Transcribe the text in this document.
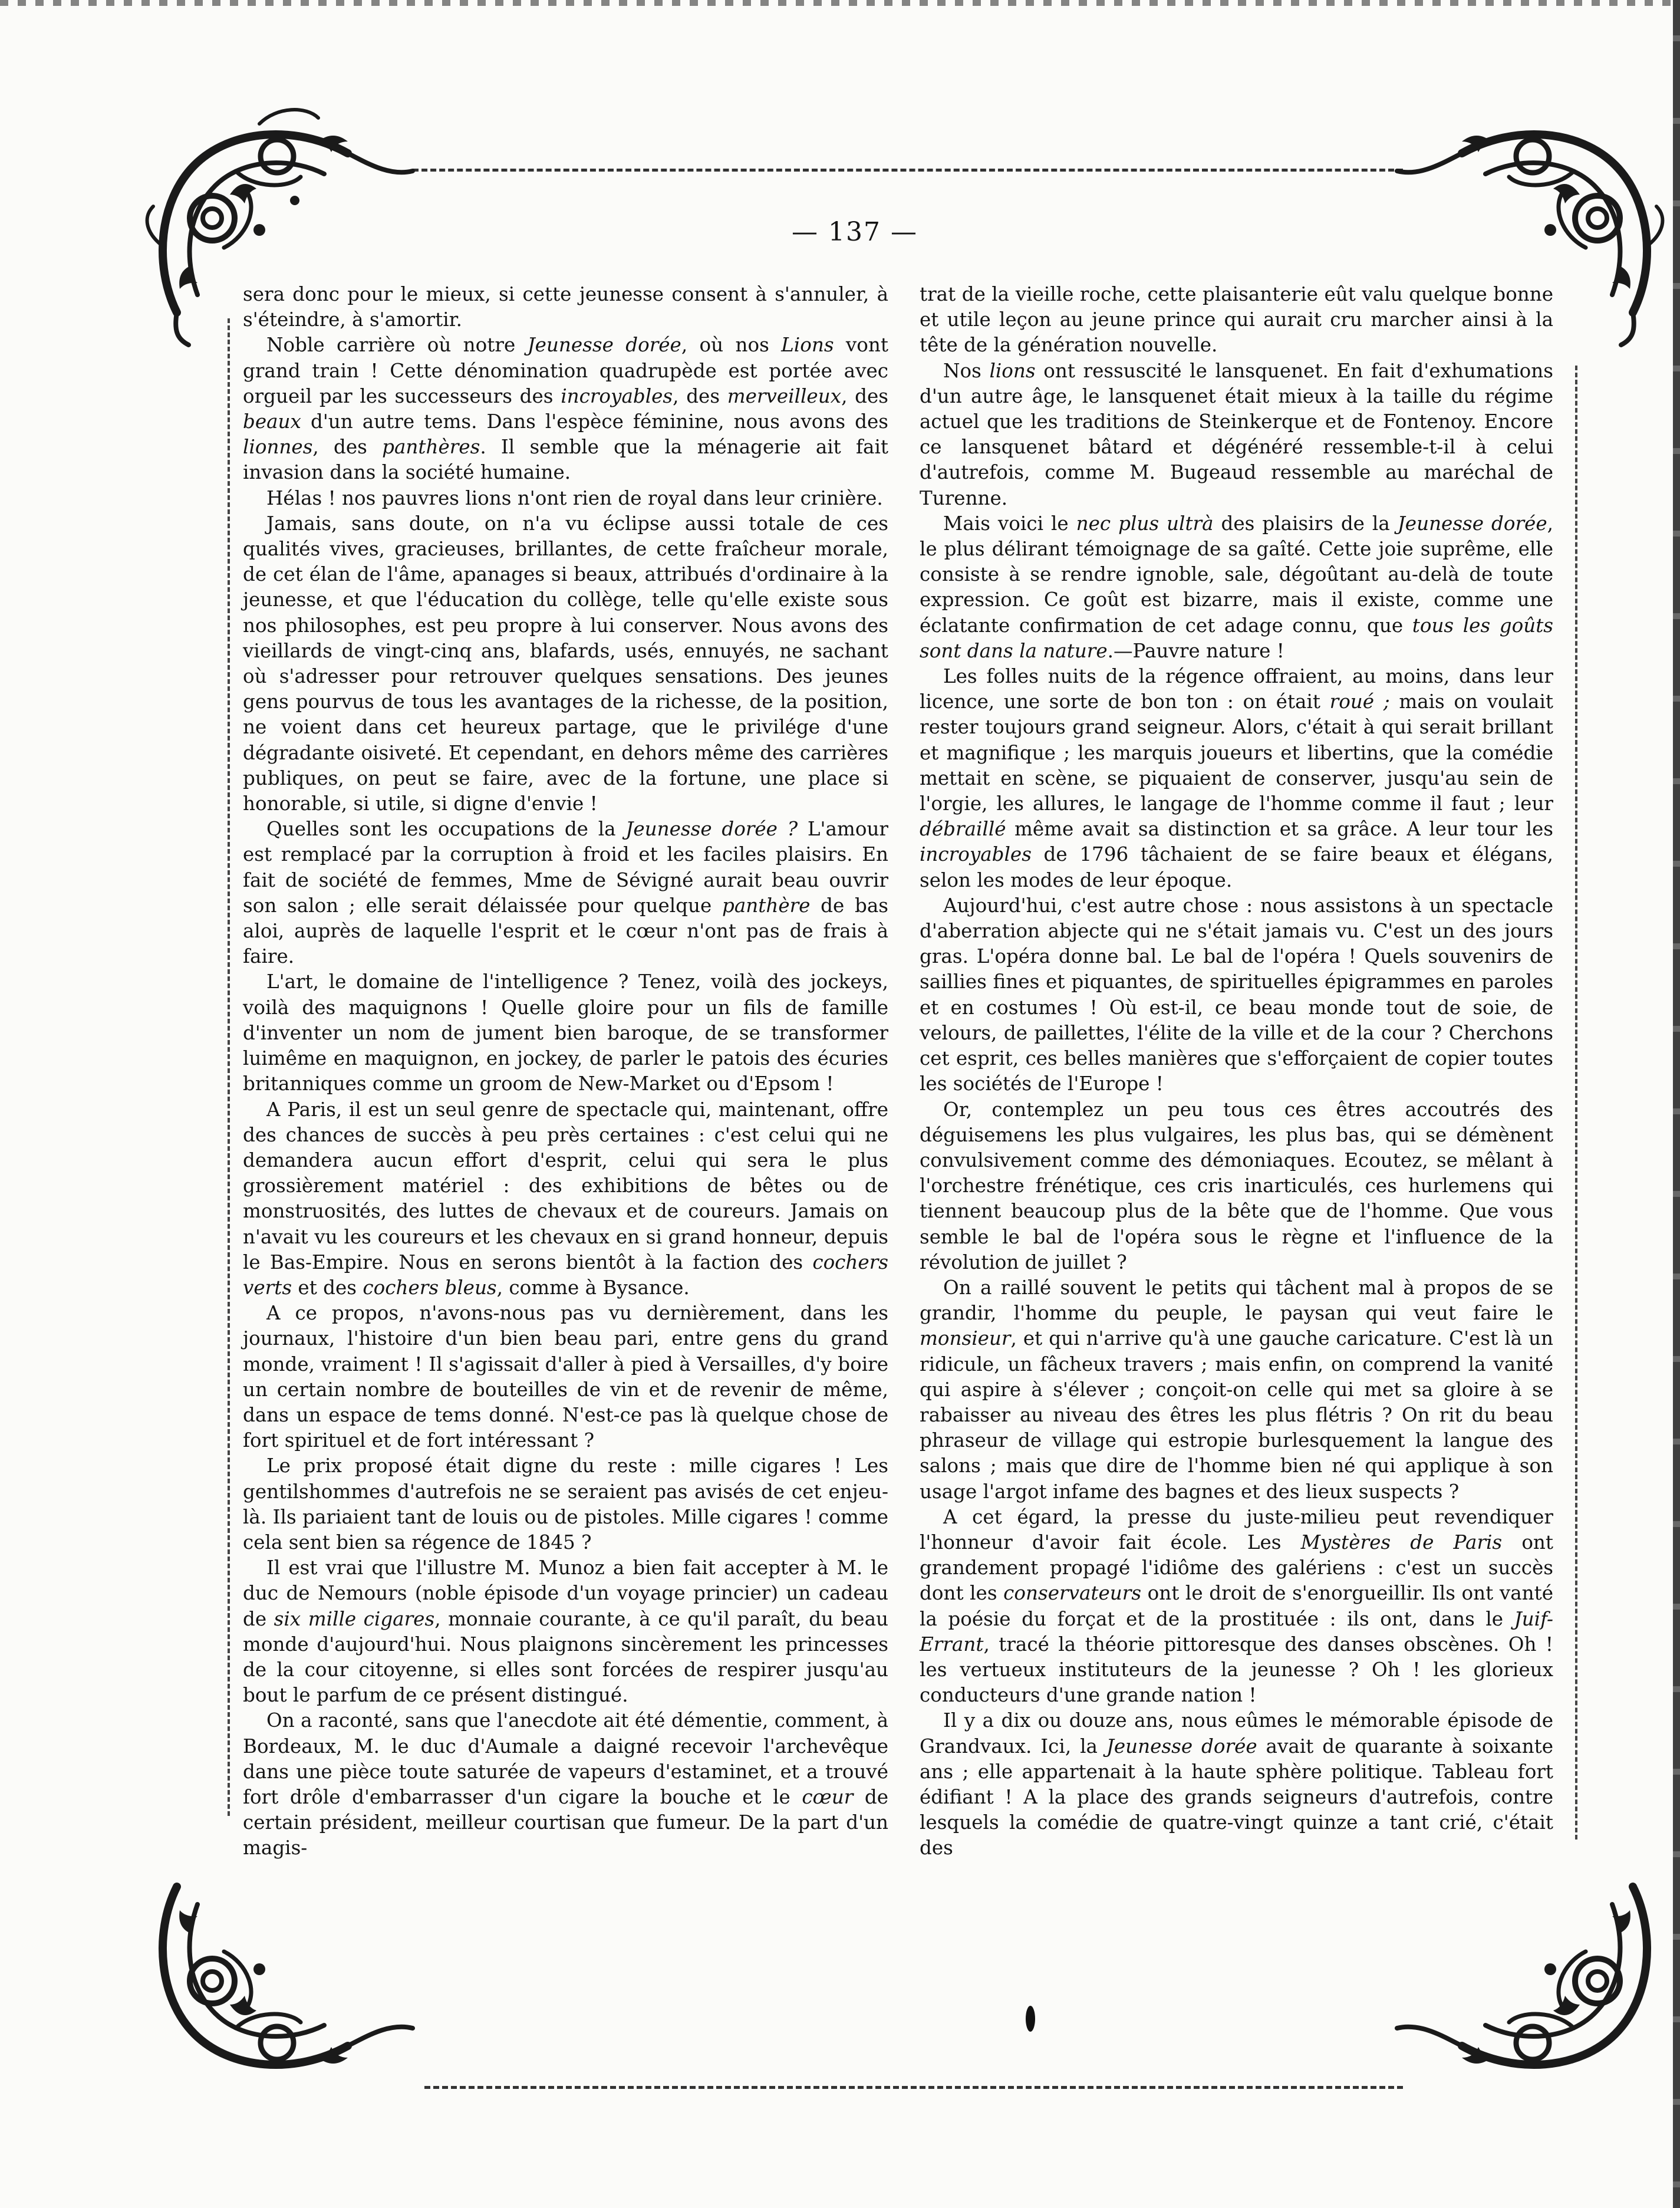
— 137 —

sera donc pour le mieux, si cette jeunesse consent à s'annuler, à s'éteindre, à s'amortir.

Noble carrière où notre Jeunesse dorée, où nos Lions vont grand train ! Cette dénomination quadrupède est portée avec orgueil par les successeurs des incroyables, des merveilleux, des beaux d'un autre tems. Dans l'espèce féminine, nous avons des lionnes, des panthères. Il semble que la ménagerie ait fait invasion dans la société humaine.

Hélas ! nos pauvres lions n'ont rien de royal dans leur crinière.

Jamais, sans doute, on n'a vu éclipse aussi totale de ces qualités vives, gracieuses, brillantes, de cette fraîcheur morale, de cet élan de l'âme, apanages si beaux, attribués d'ordinaire à la jeunesse, et que l'éducation du collège, telle qu'elle existe sous nos philosophes, est peu propre à lui conserver. Nous avons des vieillards de vingt-cinq ans, blafards, usés, ennuyés, ne sachant où s'adresser pour retrouver quelques sensations. Des jeunes gens pourvus de tous les avantages de la richesse, de la position, ne voient dans cet heureux partage, que le privilége d'une dégradante oisiveté. Et cependant, en dehors même des carrières publiques, on peut se faire, avec de la fortune, une place si honorable, si utile, si digne d'envie !

Quelles sont les occupations de la Jeunesse dorée ? L'amour est remplacé par la corruption à froid et les faciles plaisirs. En fait de société de femmes, Mme de Sévigné aurait beau ouvrir son salon ; elle serait délaissée pour quelque panthère de bas aloi, auprès de laquelle l'esprit et le cœur n'ont pas de frais à faire.

L'art, le domaine de l'intelligence ? Tenez, voilà des jockeys, voilà des maquignons ! Quelle gloire pour un fils de famille d'inventer un nom de jument bien baroque, de se transformer luimême en maquignon, en jockey, de parler le patois des écuries britanniques comme un groom de New-Market ou d'Epsom !

A Paris, il est un seul genre de spectacle qui, maintenant, offre des chances de succès à peu près certaines : c'est celui qui ne demandera aucun effort d'esprit, celui qui sera le plus grossièrement matériel : des exhibitions de bêtes ou de monstruosités, des luttes de chevaux et de coureurs. Jamais on n'avait vu les coureurs et les chevaux en si grand honneur, depuis le Bas-Empire. Nous en serons bientôt à la faction des cochers verts et des cochers bleus, comme à Bysance.

A ce propos, n'avons-nous pas vu dernièrement, dans les journaux, l'histoire d'un bien beau pari, entre gens du grand monde, vraiment ! Il s'agissait d'aller à pied à Versailles, d'y boire un certain nombre de bouteilles de vin et de revenir de même, dans un espace de tems donné. N'est-ce pas là quelque chose de fort spirituel et de fort intéressant ?

Le prix proposé était digne du reste : mille cigares ! Les gentilshommes d'autrefois ne se seraient pas avisés de cet enjeu-là. Ils pariaient tant de louis ou de pistoles. Mille cigares ! comme cela sent bien sa régence de 1845 ?

Il est vrai que l'illustre M. Munoz a bien fait accepter à M. le duc de Nemours (noble épisode d'un voyage princier) un cadeau de six mille cigares, monnaie courante, à ce qu'il paraît, du beau monde d'aujourd'hui. Nous plaignons sincèrement les princesses de la cour citoyenne, si elles sont forcées de respirer jusqu'au bout le parfum de ce présent distingué.

On a raconté, sans que l'anecdote ait été démentie, comment, à Bordeaux, M. le duc d'Aumale a daigné recevoir l'archevêque dans une pièce toute saturée de vapeurs d'estaminet, et a trouvé fort drôle d'embarrasser d'un cigare la bouche et le cœur de certain président, meilleur courtisan que fumeur. De la part d'un magis-

trat de la vieille roche, cette plaisanterie eût valu quelque bonne et utile leçon au jeune prince qui aurait cru marcher ainsi à la tête de la génération nouvelle.

Nos lions ont ressuscité le lansquenet. En fait d'exhumations d'un autre âge, le lansquenet était mieux à la taille du régime actuel que les traditions de Steinkerque et de Fontenoy. Encore ce lansquenet bâtard et dégénéré ressemble-t-il à celui d'autrefois, comme M. Bugeaud ressemble au maréchal de Turenne.

Mais voici le nec plus ultrà des plaisirs de la Jeunesse dorée, le plus délirant témoignage de sa gaîté. Cette joie suprême, elle consiste à se rendre ignoble, sale, dégoûtant au-delà de toute expression. Ce goût est bizarre, mais il existe, comme une éclatante confirmation de cet adage connu, que tous les goûts sont dans la nature.—Pauvre nature !

Les folles nuits de la régence offraient, au moins, dans leur licence, une sorte de bon ton : on était roué ; mais on voulait rester toujours grand seigneur. Alors, c'était à qui serait brillant et magnifique ; les marquis joueurs et libertins, que la comédie mettait en scène, se piquaient de conserver, jusqu'au sein de l'orgie, les allures, le langage de l'homme comme il faut ; leur débraillé même avait sa distinction et sa grâce. A leur tour les incroyables de 1796 tâchaient de se faire beaux et élégans, selon les modes de leur époque.

Aujourd'hui, c'est autre chose : nous assistons à un spectacle d'aberration abjecte qui ne s'était jamais vu. C'est un des jours gras. L'opéra donne bal. Le bal de l'opéra ! Quels souvenirs de saillies fines et piquantes, de spirituelles épigrammes en paroles et en costumes ! Où est-il, ce beau monde tout de soie, de velours, de paillettes, l'élite de la ville et de la cour ? Cherchons cet esprit, ces belles manières que s'efforçaient de copier toutes les sociétés de l'Europe !

Or, contemplez un peu tous ces êtres accoutrés des déguisemens les plus vulgaires, les plus bas, qui se démènent convulsivement comme des démoniaques. Ecoutez, se mêlant à l'orchestre frénétique, ces cris inarticulés, ces hurlemens qui tiennent beaucoup plus de la bête que de l'homme. Que vous semble le bal de l'opéra sous le règne et l'influence de la révolution de juillet ?

On a raillé souvent le petits qui tâchent mal à propos de se grandir, l'homme du peuple, le paysan qui veut faire le monsieur, et qui n'arrive qu'à une gauche caricature. C'est là un ridicule, un fâcheux travers ; mais enfin, on comprend la vanité qui aspire à s'élever ; conçoit-on celle qui met sa gloire à se rabaisser au niveau des êtres les plus flétris ? On rit du beau phraseur de village qui estropie burlesquement la langue des salons ; mais que dire de l'homme bien né qui applique à son usage l'argot infame des bagnes et des lieux suspects ?

A cet égard, la presse du juste-milieu peut revendiquer l'honneur d'avoir fait école. Les Mystères de Paris ont grandement propagé l'idiôme des galériens : c'est un succès dont les conservateurs ont le droit de s'enorgueillir. Ils ont vanté la poésie du forçat et de la prostituée : ils ont, dans le Juif-Errant, tracé la théorie pittoresque des danses obscènes. Oh ! les vertueux instituteurs de la jeunesse ? Oh ! les glorieux conducteurs d'une grande nation !

Il y a dix ou douze ans, nous eûmes le mémorable épisode de Grandvaux. Ici, la Jeunesse dorée avait de quarante à soixante ans ; elle appartenait à la haute sphère politique. Tableau fort édifiant ! A la place des grands seigneurs d'autrefois, contre lesquels la comédie de quatre-vingt quinze a tant crié, c'était des
